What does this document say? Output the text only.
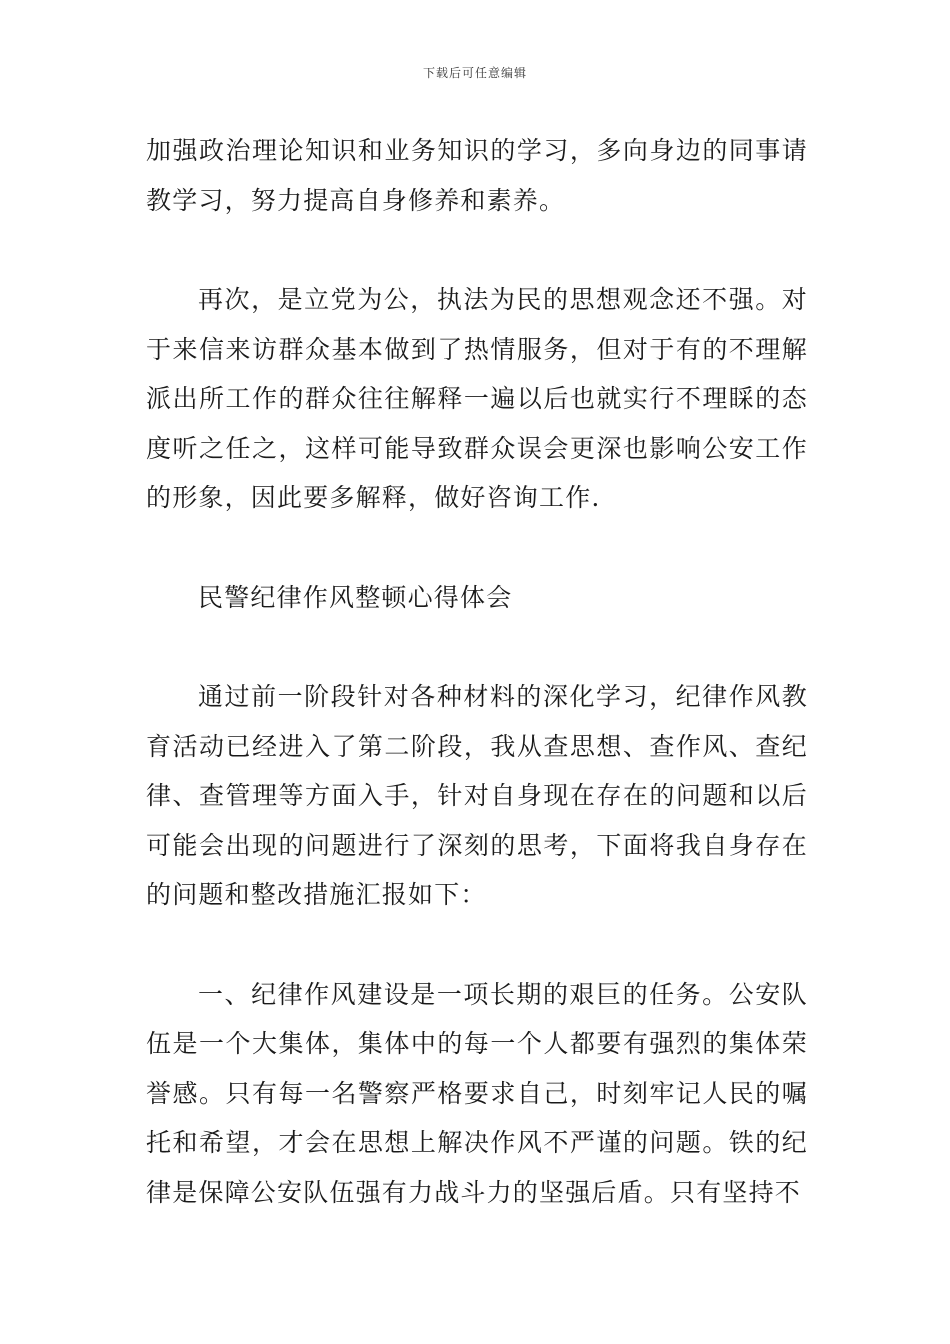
下载后可任意编辑

加强政治理论知识和业务知识的学习，多向身边的同事请教学习，努力提高自身修养和素养。

再次，是立党为公，执法为民的思想观念还不强。对于来信来访群众基本做到了热情服务，但对于有的不理解派出所工作的群众往往解释一遍以后也就实行不理睬的态度听之任之，这样可能导致群众误会更深也影响公安工作的形象，因此要多解释，做好咨询工作.

民警纪律作风整顿心得体会

通过前一阶段针对各种材料的深化学习，纪律作风教育活动已经进入了第二阶段，我从查思想、查作风、查纪律、查管理等方面入手，针对自身现在存在的问题和以后可能会出现的问题进行了深刻的思考，下面将我自身存在的问题和整改措施汇报如下：

一、纪律作风建设是一项长期的艰巨的任务。公安队伍是一个大集体，集体中的每一个人都要有强烈的集体荣誉感。只有每一名警察严格要求自己，时刻牢记人民的嘱托和希望，才会在思想上解决作风不严谨的问题。铁的纪律是保障公安队伍强有力战斗力的坚强后盾。只有坚持不
